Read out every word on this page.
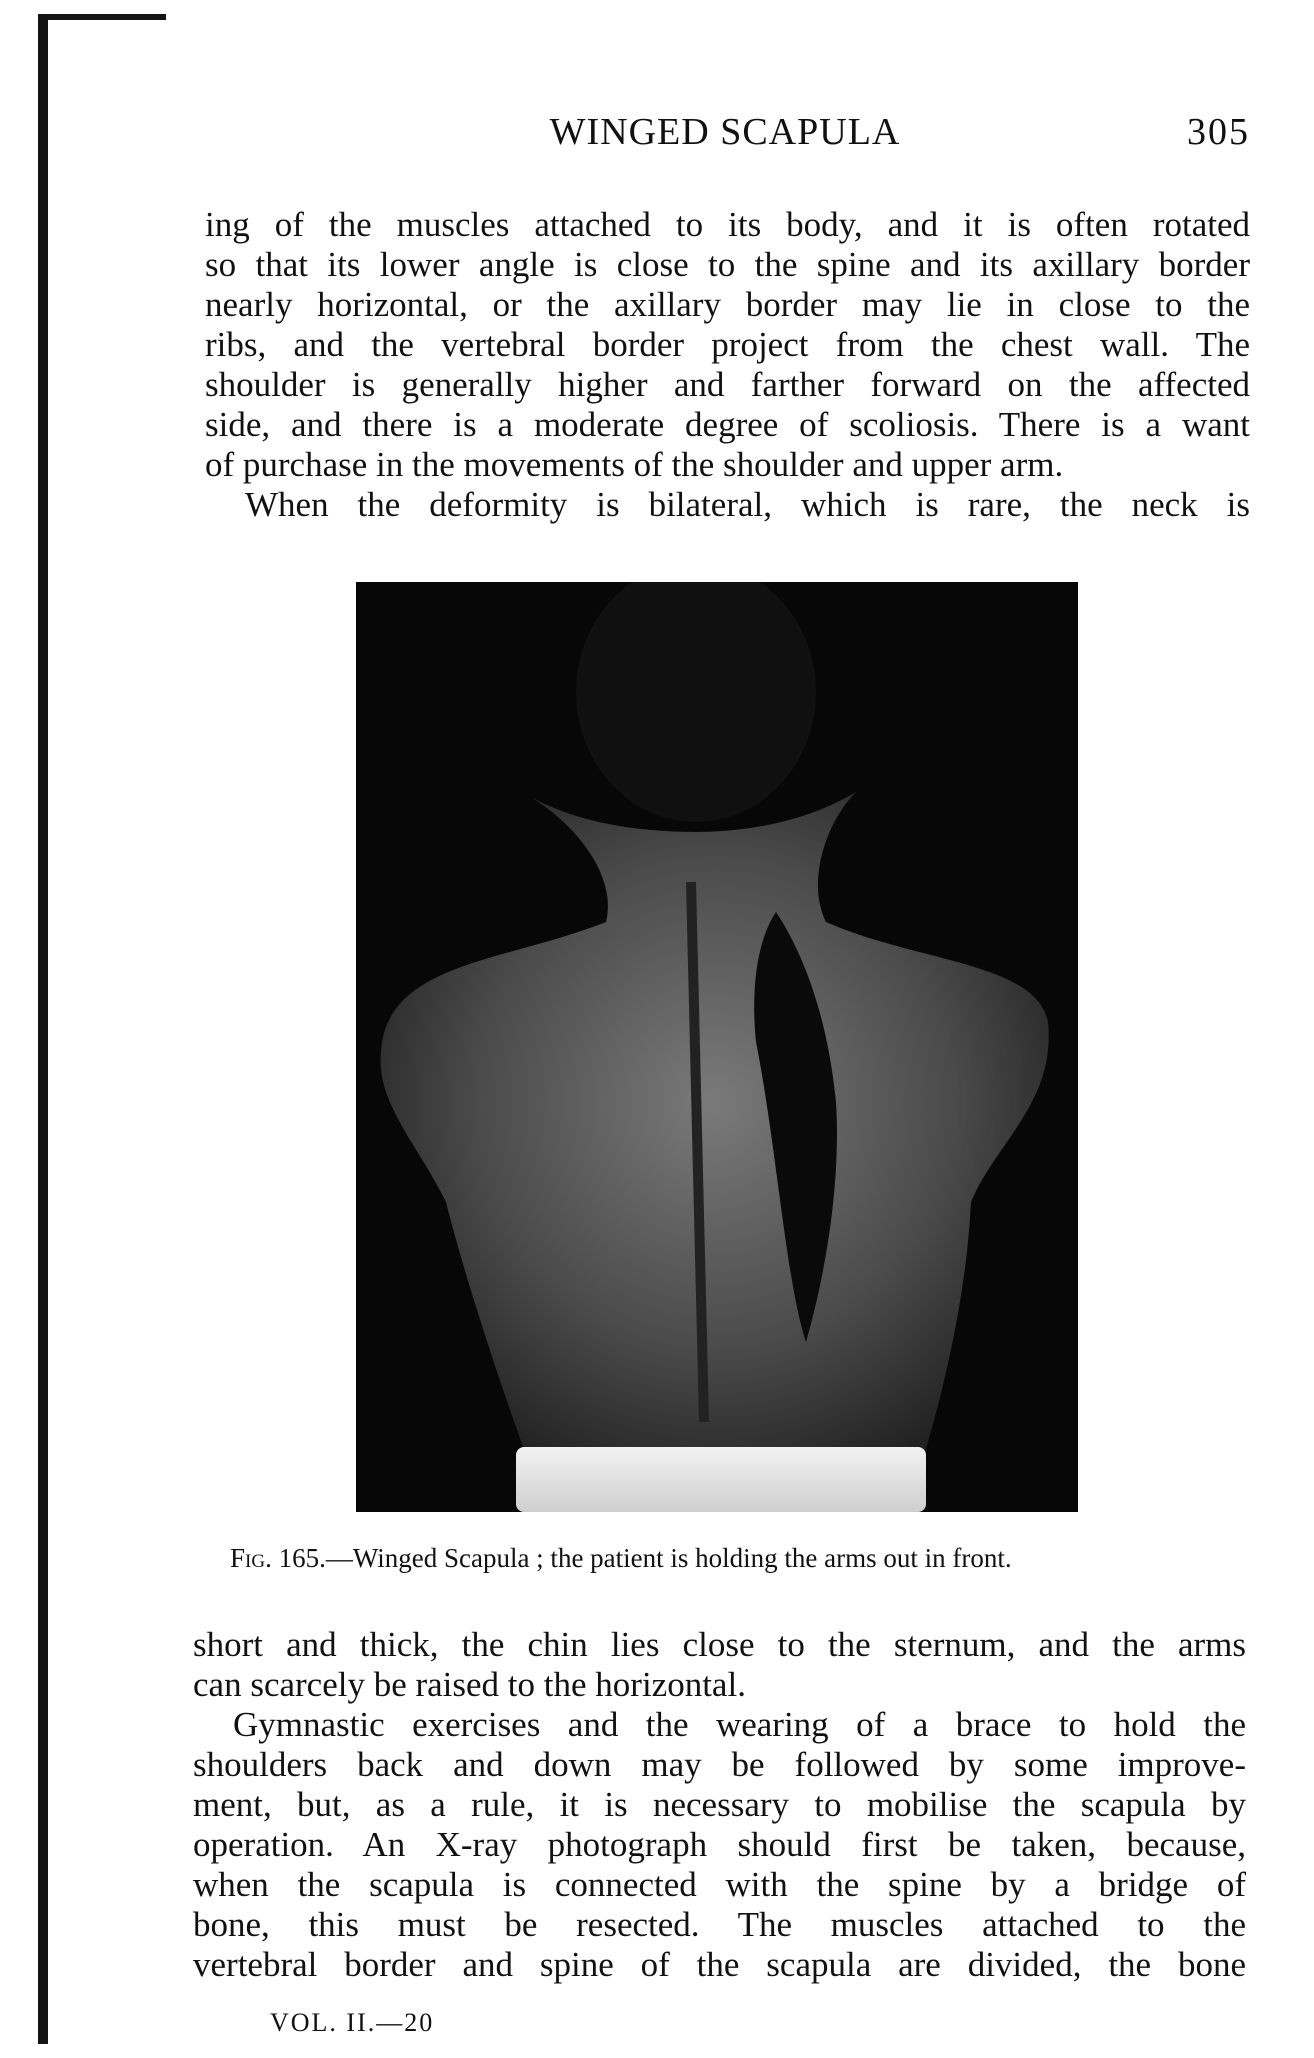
WINGED SCAPULA	305
ing of the muscles attached to its body, and it is often rotated
so that its lower angle is close to the spine and its axillary border
nearly horizontal, or the axillary border may lie in close to the
ribs, and the vertebral border project from the chest wall. The
shoulder is generally higher and farther forward on the affected
side, and there is a moderate degree of scoliosis. There is a want
of purchase in the movements of the shoulder and upper arm.
When the deformity is bilateral, which is rare, the neck is
Fig. 165.—Winged Scapula ; the patient is holding the arms out in front.
short and thick, the chin lies close to the sternum, and the arms
can scarcely be raised to the horizontal.
Gymnastic exercises and the wearing of a brace to hold the
shoulders back and down may be followed by some improve-
ment, but, as a rule, it is necessary to mobilise the scapula by
operation. An X-ray photograph should first be taken, because,
when the scapula is connected with the spine by a bridge of
bone, this must be resected. The muscles attached to the
vertebral border and spine of the scapula are divided, the bone
VOL. II.—20
